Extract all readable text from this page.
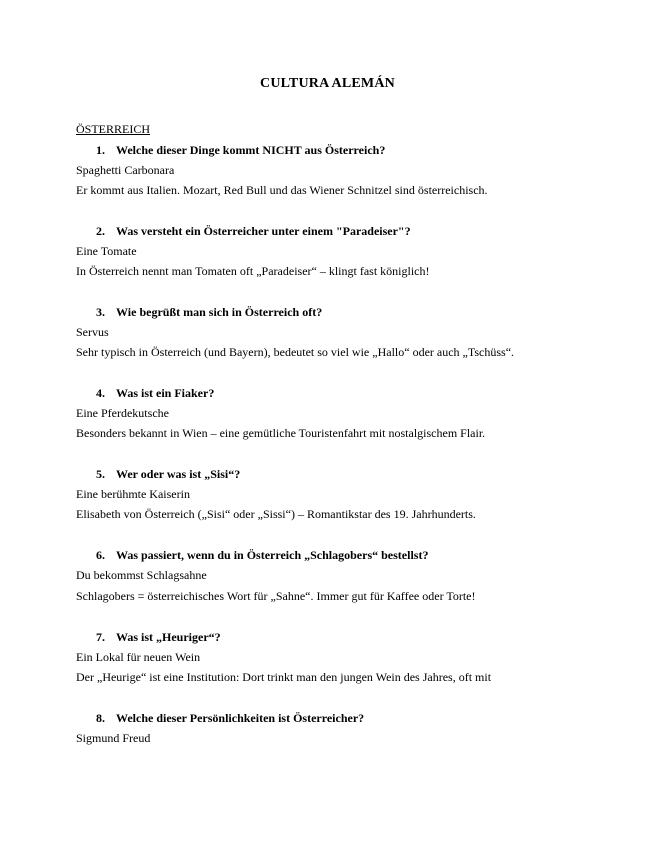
CULTURA ALEMÁN
ÖSTERREICH
1. Welche dieser Dinge kommt NICHT aus Österreich?
Spaghetti Carbonara
Er kommt aus Italien. Mozart, Red Bull und das Wiener Schnitzel sind österreichisch.
2. Was versteht ein Österreicher unter einem "Paradeiser"?
Eine Tomate
In Österreich nennt man Tomaten oft „Paradeiser“ – klingt fast königlich!
3. Wie begrüßt man sich in Österreich oft?
Servus
Sehr typisch in Österreich (und Bayern), bedeutet so viel wie „Hallo“ oder auch „Tschüss“.
4. Was ist ein Fiaker?
Eine Pferdekutsche
Besonders bekannt in Wien – eine gemütliche Touristenfahrt mit nostalgischem Flair.
5. Wer oder was ist „Sisi“?
Eine berühmte Kaiserin
Elisabeth von Österreich („Sisi“ oder „Sissi“) – Romantikstar des 19. Jahrhunderts.
6. Was passiert, wenn du in Österreich „Schlagobers“ bestellst?
Du bekommst Schlagsahne
Schlagobers = österreichisches Wort für „Sahne“. Immer gut für Kaffee oder Torte!
7. Was ist „Heuriger“?
Ein Lokal für neuen Wein
Der „Heurige“ ist eine Institution: Dort trinkt man den jungen Wein des Jahres, oft mit
8. Welche dieser Persönlichkeiten ist Österreicher?
Sigmund Freud
